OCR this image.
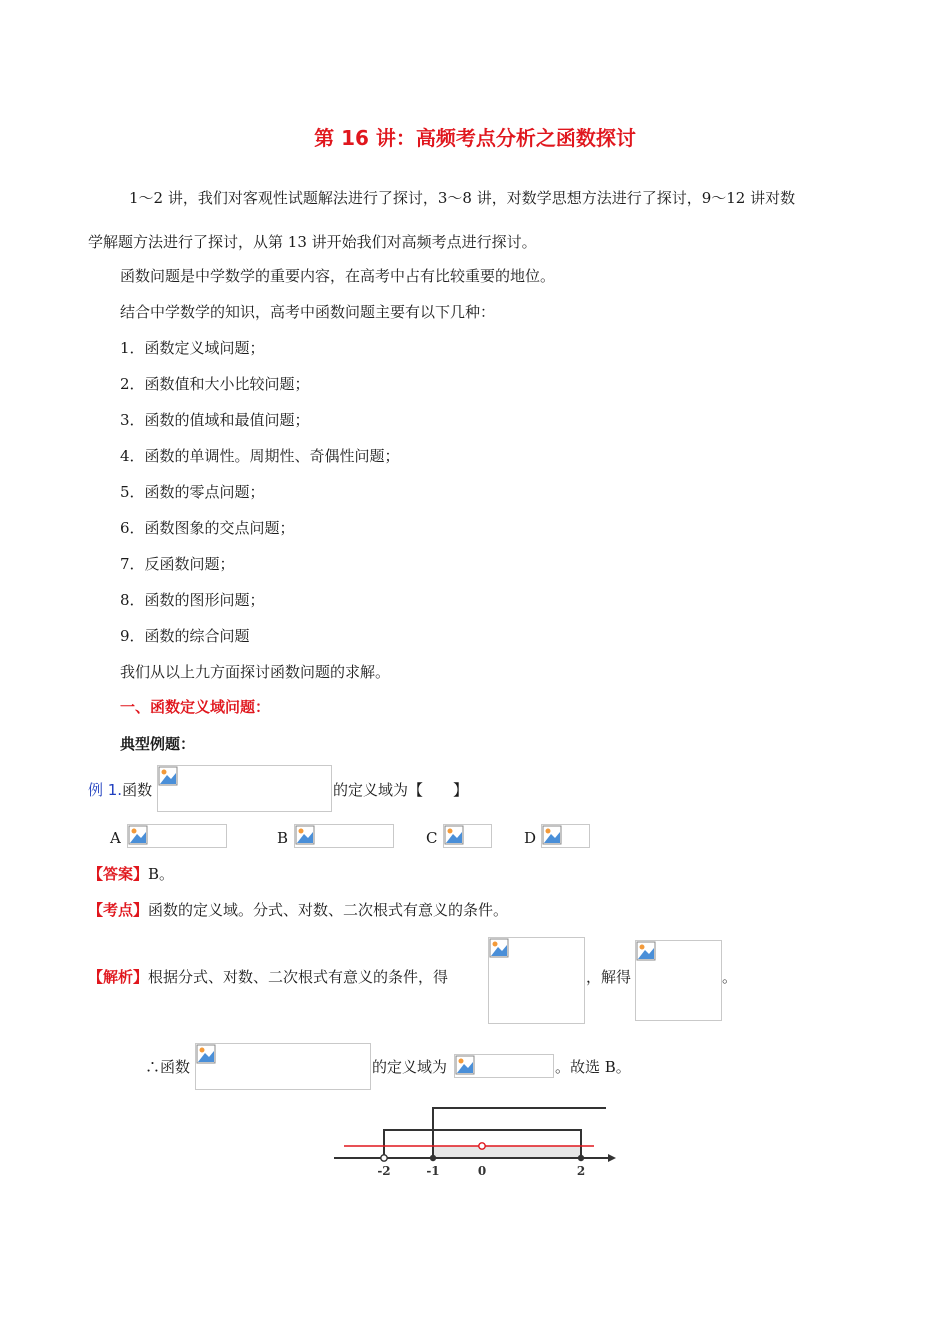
第 16 讲：高频考点分析之函数探讨
1～2 讲，我们对客观性试题解法进行了探讨，3～8 讲，对数学思想方法进行了探讨，9～12 讲对数
学解题方法进行了探讨，从第 13 讲开始我们对高频考点进行探讨。
函数问题是中学数学的重要内容，在高考中占有比较重要的地位。
结合中学数学的知识，高考中函数问题主要有以下几种：
1．函数定义域问题；
2．函数值和大小比较问题；
3．函数的值域和最值问题；
4．函数的单调性。周期性、奇偶性问题；
5．函数的零点问题；
6．函数图象的交点问题；
7．反函数问题；
8．函数的图形问题；
9．函数的综合问题
我们从以上九方面探讨函数问题的求解。
一、函数定义域问题：
典型例题：
例 1.函数	的定义域为【　　】
A	B	C	D
【答案】B。
【考点】函数的定义域。分式、对数、二次根式有意义的条件。
【解析】根据分式、对数、二次根式有意义的条件，得	，解得	。
∴函数	的定义域为	。故选 B。
-2	-1	0	2
